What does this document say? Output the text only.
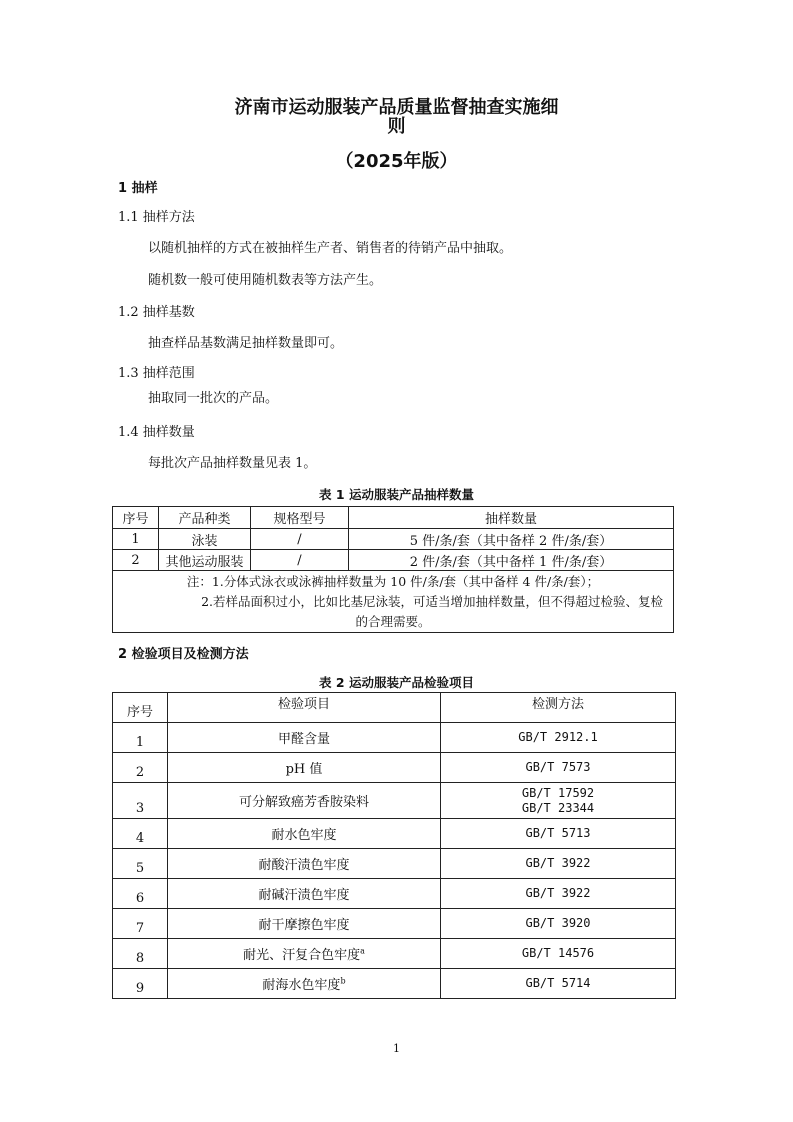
济南市运动服装产品质量监督抽查实施细
则
（2025年版）
1 抽样
1.1 抽样方法
以随机抽样的方式在被抽样生产者、销售者的待销产品中抽取。
随机数一般可使用随机数表等方法产生。
1.2 抽样基数
抽查样品基数满足抽样数量即可。
1.3 抽样范围
抽取同一批次的产品。
1.4 抽样数量
每批次产品抽样数量见表 1。
表 1 运动服装产品抽样数量
序号	产品种类	规格型号	抽样数量
1	泳装	/	5 件/条/套（其中备样 2 件/条/套）
2	其他运动服装	/	2 件/条/套（其中备样 1 件/条/套）

注：1.分体式泳衣或泳裤抽样数量为 10 件/条/套（其中备样 4 件/条/套）；
2.若样品面积过小，比如比基尼泳装，可适当增加抽样数量，但不得超过检验、复检
的合理需要。			
2 检验项目及检测方法
表 2 运动服装产品检验项目
序号	检验项目	检测方法
1	甲醛含量	GB/T 2912.1

2	pH 值	GB/T 7573

3	可分解致癌芳香胺染料	GB/T 17592
GB/T 23344

4	耐水色牢度	GB/T 5713

5	耐酸汗渍色牢度	GB/T 3922

6	耐碱汗渍色牢度	GB/T 3922

7	耐干摩擦色牢度	GB/T 3920

8	耐光、汗复合色牢度$^a$	GB/T 14576

9	耐海水色牢度$^b$	GB/T 5714
1
